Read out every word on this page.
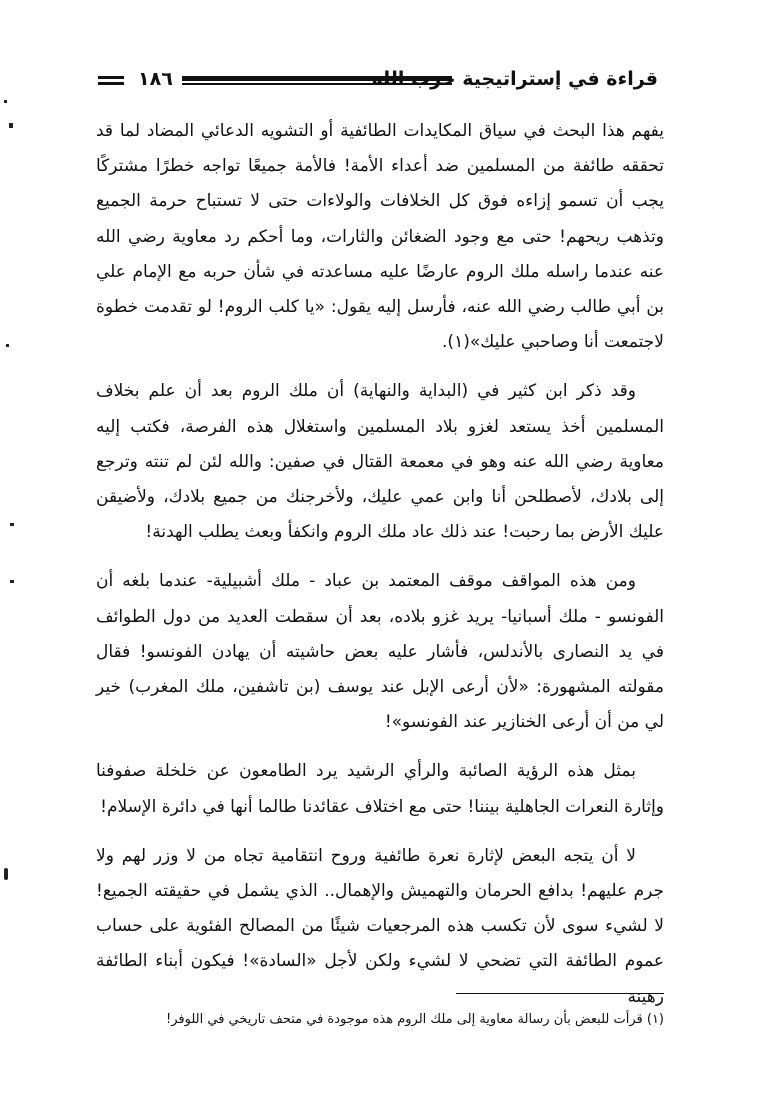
قراءة في إستراتيجية حزب الله
١٨٦

يفهم هذا البحث في سياق المكايدات الطائفية أو التشويه الدعائي المضاد لما قد تحققه طائفة من المسلمين ضد أعداء الأمة! فالأمة جميعًا تواجه خطرًا مشتركًا يجب أن تسمو إزاءه فوق كل الخلافات والولاءات حتى لا تستباح حرمة الجميع وتذهب ريحهم! حتى مع وجود الضغائن والثارات، وما أحكم رد معاوية رضي الله عنه عندما راسله ملك الروم عارضًا عليه مساعدته في شأن حربه مع الإمام علي بن أبي طالب رضي الله عنه، فأرسل إليه يقول: «يا كلب الروم! لو تقدمت خطوة لاجتمعت أنا وصاحبي عليك»(١).

وقد ذكر ابن كثير في (البداية والنهاية) أن ملك الروم بعد أن علم بخلاف المسلمين أخذ يستعد لغزو بلاد المسلمين واستغلال هذه الفرصة، فكتب إليه معاوية رضي الله عنه وهو في معمعة القتال في صفين: والله لئن لم تنته وترجع إلى بلادك، لأصطلحن أنا وابن عمي عليك، ولأخرجنك من جميع بلادك، ولأضيقن عليك الأرض بما رحبت! عند ذلك عاد ملك الروم وانكفأ وبعث يطلب الهدنة!

ومن هذه المواقف موقف المعتمد بن عباد - ملك أشبيلية- عندما بلغه أن الفونسو - ملك أسبانيا- يريد غزو بلاده، بعد أن سقطت العديد من دول الطوائف في يد النصارى بالأندلس، فأشار عليه بعض حاشيته أن يهادن الفونسو! فقال مقولته المشهورة: «لأن أرعى الإبل عند يوسف (بن تاشفين، ملك المغرب) خير لي من أن أرعى الخنازير عند الفونسو»!

بمثل هذه الرؤية الصائبة والرأي الرشيد يرد الطامعون عن خلخلة صفوفنا وإثارة النعرات الجاهلية بيننا! حتى مع اختلاف عقائدنا طالما أنها في دائرة الإسلام!

لا أن يتجه البعض لإثارة نعرة طائفية وروح انتقامية تجاه من لا وزر لهم ولا جرم عليهم! بدافع الحرمان والتهميش والإهمال.. الذي يشمل في حقيقته الجميع! لا لشيء سوى لأن تكسب هذه المرجعيات شيئًا من المصالح الفئوية على حساب عموم الطائفة التي تضحي لا لشيء ولكن لأجل «السادة»! فيكون أبناء الطائفة رهينة

(١) قرأت للبعض بأن رسالة معاوية إلى ملك الروم هذه موجودة في متحف تاريخي في اللوفر!
